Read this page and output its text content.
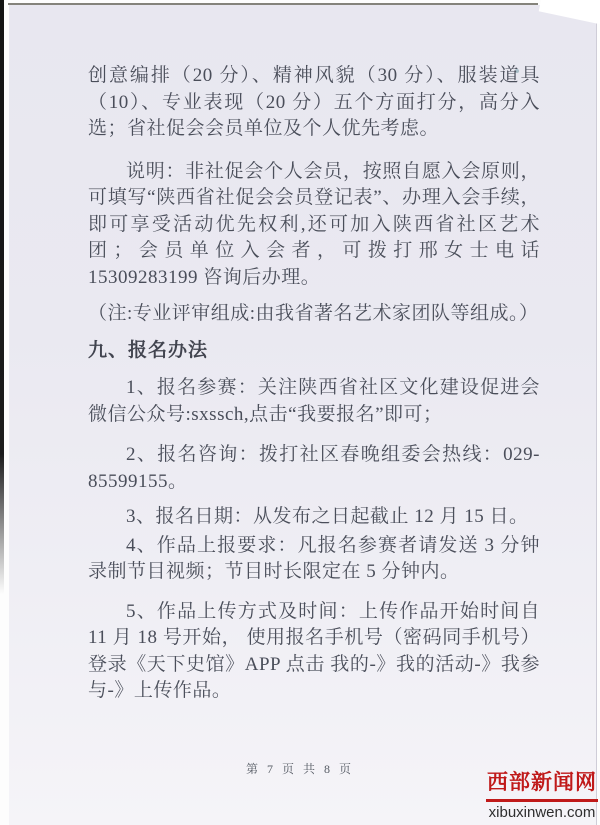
创意编排（20 分）、精神风貌（30 分）、服装道具（10）、专业表现（20 分）五个方面打分，高分入选；省社促会会员单位及个人优先考虑。

说明：非社促会个人会员，按照自愿入会原则，可填写“陕西省社促会会员登记表”、办理入会手续，即可享受活动优先权利,还可加入陕西省社区艺术团；会员单位入会者，可拨打邢女士电话 15309283199 咨询后办理。

（注:专业评审组成:由我省著名艺术家团队等组成。）

九、报名办法

1、报名参赛：关注陕西省社区文化建设促进会微信公众号:sxssch,点击“我要报名”即可；

2、报名咨询：拨打社区春晚组委会热线：029-85599155。

3、报名日期：从发布之日起截止 12 月 15 日。

4、作品上报要求：凡报名参赛者请发送 3 分钟录制节目视频；节目时长限定在 5 分钟内。

5、作品上传方式及时间：上传作品开始时间自 11 月 18 号开始， 使用报名手机号（密码同手机号）登录《天下史馆》APP 点击 我的-》我的活动-》我参与-》上传作品。

第 7 页 共 8 页
西部新闻网
xibuxinwen.com
